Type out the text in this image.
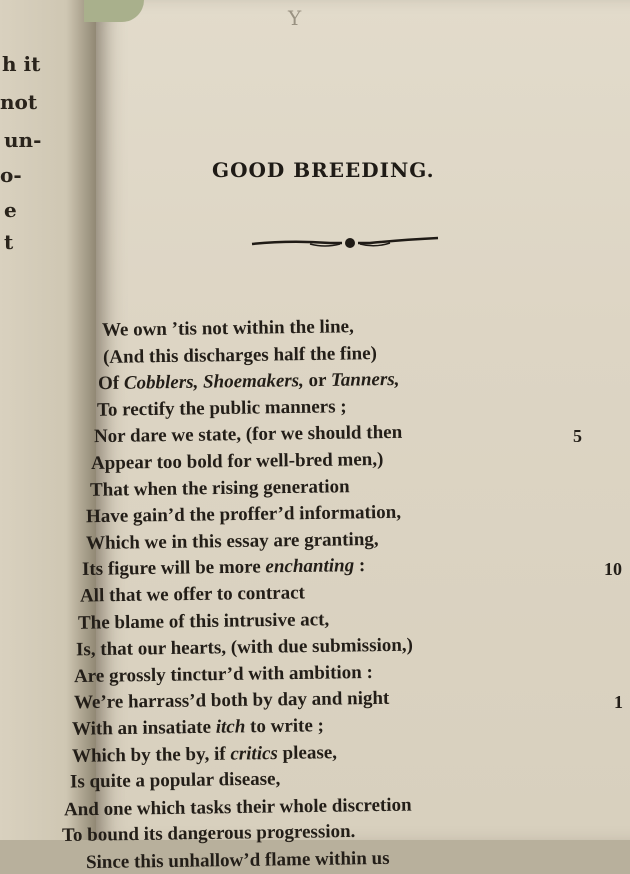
h it
not
un-
o-
e
t
Y
GOOD BREEDING.
We own ’tis not within the line,
(And this discharges half the fine)
Of Cobblers, Shoemakers, or Tanners,
To rectify the public manners ;
Nor dare we state, (for we should then
Appear too bold for well-bred men,)
That when the rising generation
Have gain’d the proffer’d information,
Which we in this essay are granting,
Its figure will be more enchanting :
All that we offer to contract
The blame of this intrusive act,
Is, that our hearts, (with due submission,)
Are grossly tinctur’d with ambition :
We’re harrass’d both by day and night
With an insatiate itch to write ;
Which by the by, if critics please,
Is quite a popular disease,
And one which tasks their whole discretion
To bound its dangerous progression.
Since this unhallow’d flame within us
5
10
1
